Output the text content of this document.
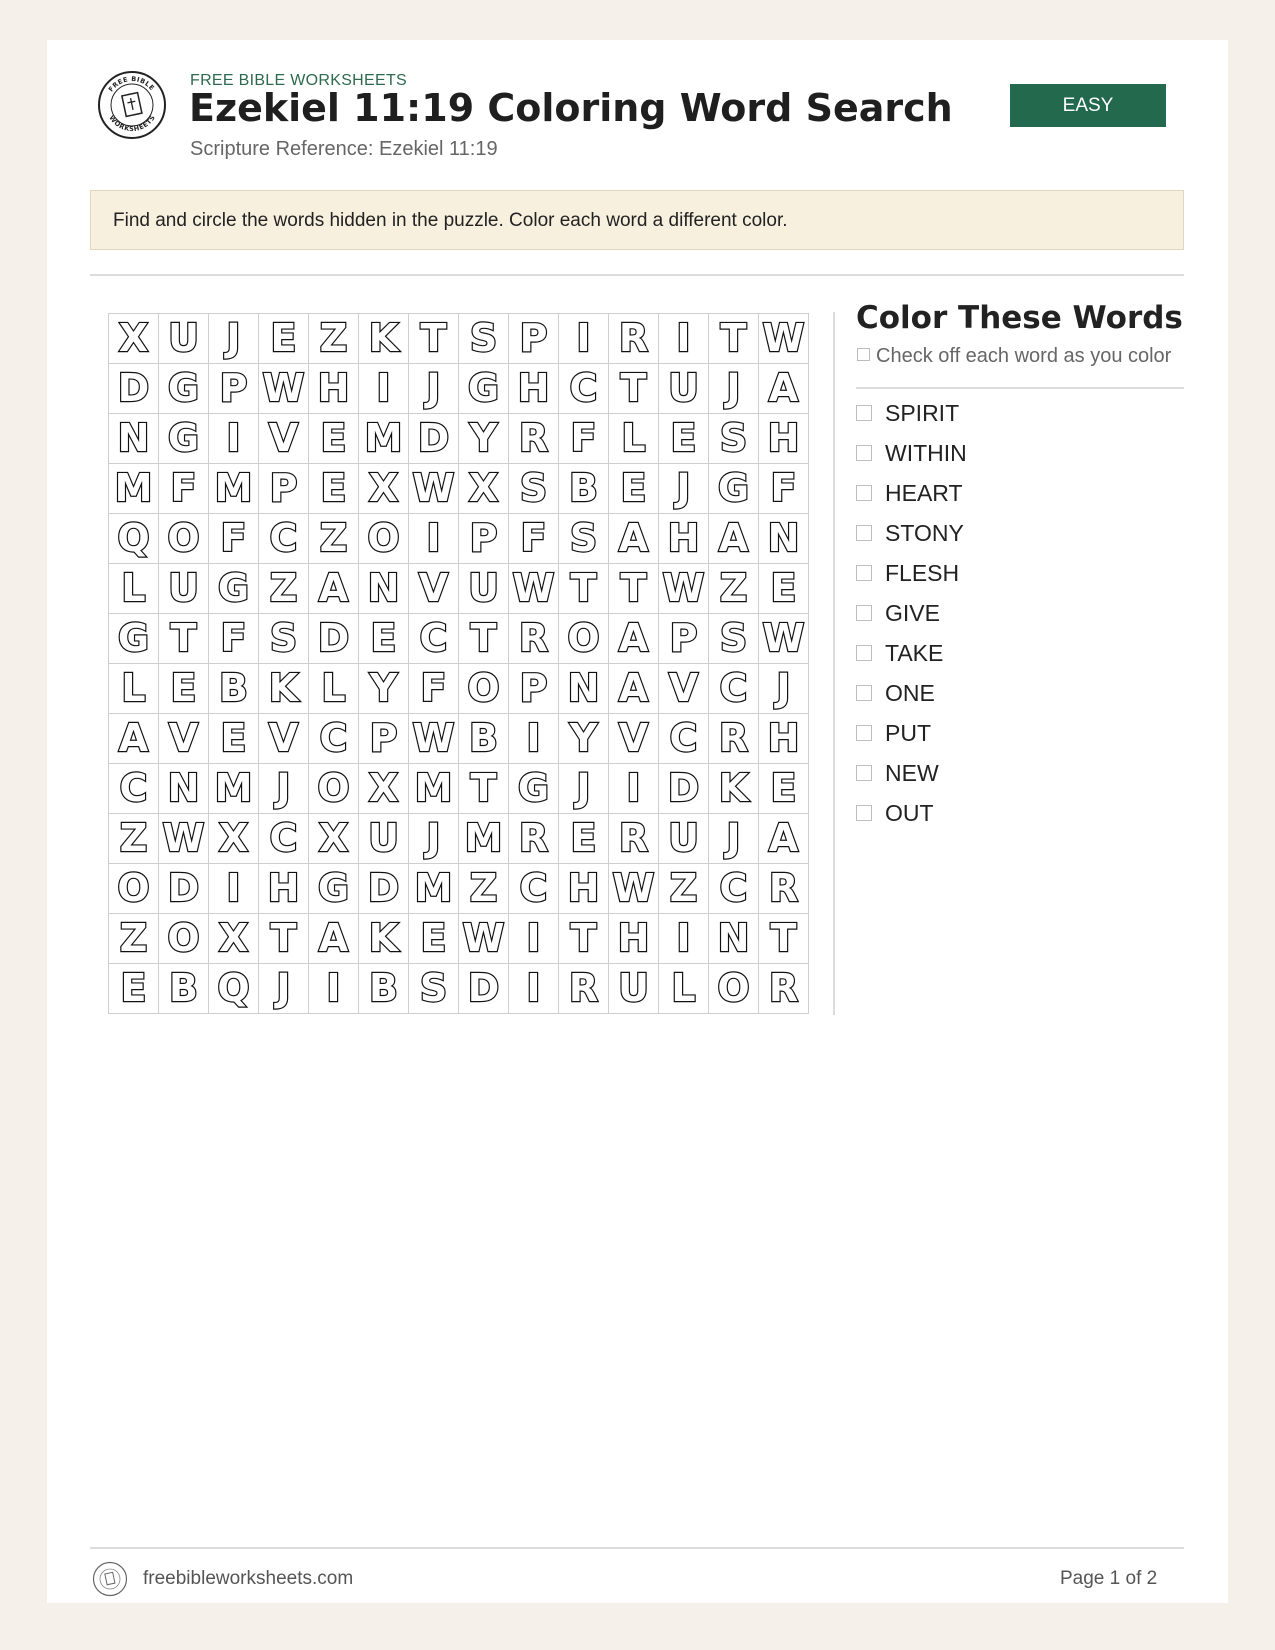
FREE BIBLE
WORKSHEETS
FREE BIBLE WORKSHEETS
Ezekiel 11:19 Coloring Word Search
Scripture Reference: Ezekiel 11:19
EASY
Find and circle the words hidden in the puzzle. Color each word a different color.
X	U	J	E	Z	K	T	S	P	I	R	I	T	W
D	G	P	W	H	I	J	G	H	C	T	U	J	A
N	G	I	V	E	M	D	Y	R	F	L	E	S	H
M	F	M	P	E	X	W	X	S	B	E	J	G	F
Q	O	F	C	Z	O	I	P	F	S	A	H	A	N
L	U	G	Z	A	N	V	U	W	T	T	W	Z	E
G	T	F	S	D	E	C	T	R	O	A	P	S	W
L	E	B	K	L	Y	F	O	P	N	A	V	C	J
A	V	E	V	C	P	W	B	I	Y	V	C	R	H
C	N	M	J	O	X	M	T	G	J	I	D	K	E
Z	W	X	C	X	U	J	M	R	E	R	U	J	A
O	D	I	H	G	D	M	Z	C	H	W	Z	C	R
Z	O	X	T	A	K	E	W	I	T	H	I	N	T
E	B	Q	J	I	B	S	D	I	R	U	L	O	R
Color These Words
Check off each word as you color
SPIRIT
WITHIN
HEART
STONY
FLESH
GIVE
TAKE
ONE
PUT
NEW
OUT
freebibleworksheets.com	Page 1 of 2
